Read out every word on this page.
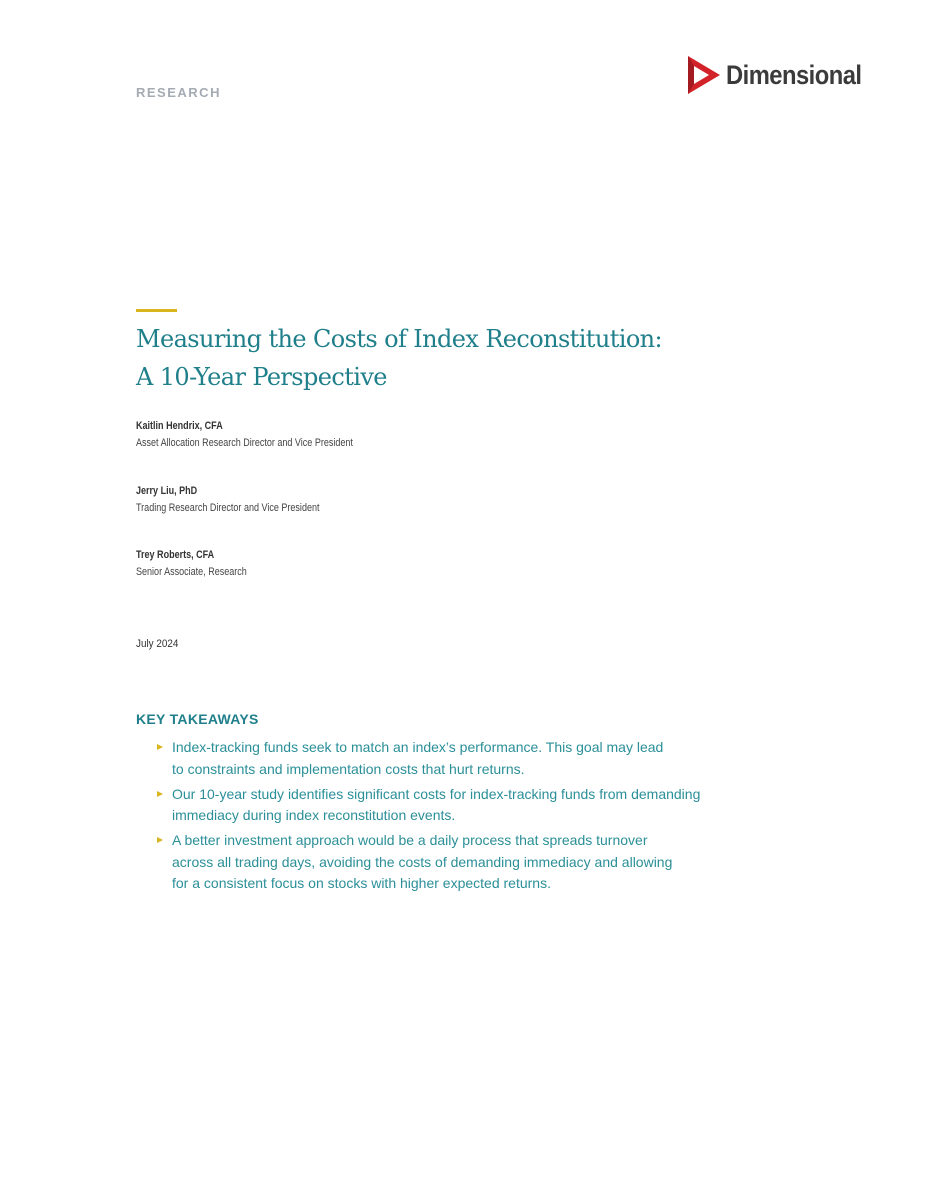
RESEARCH
Dimensional
Measuring the Costs of Index Reconstitution:
A 10-Year Perspective
Kaitlin Hendrix, CFA
Asset Allocation Research Director and Vice President
Jerry Liu, PhD
Trading Research Director and Vice President
Trey Roberts, CFA
Senior Associate, Research
July 2024
KEY TAKEAWAYS
Index-tracking funds seek to match an index’s performance. This goal may lead
to constraints and implementation costs that hurt returns.
Our 10-year study identifies significant costs for index-tracking funds from demanding
immediacy during index reconstitution events.
A better investment approach would be a daily process that spreads turnover
across all trading days, avoiding the costs of demanding immediacy and allowing
for a consistent focus on stocks with higher expected returns.
